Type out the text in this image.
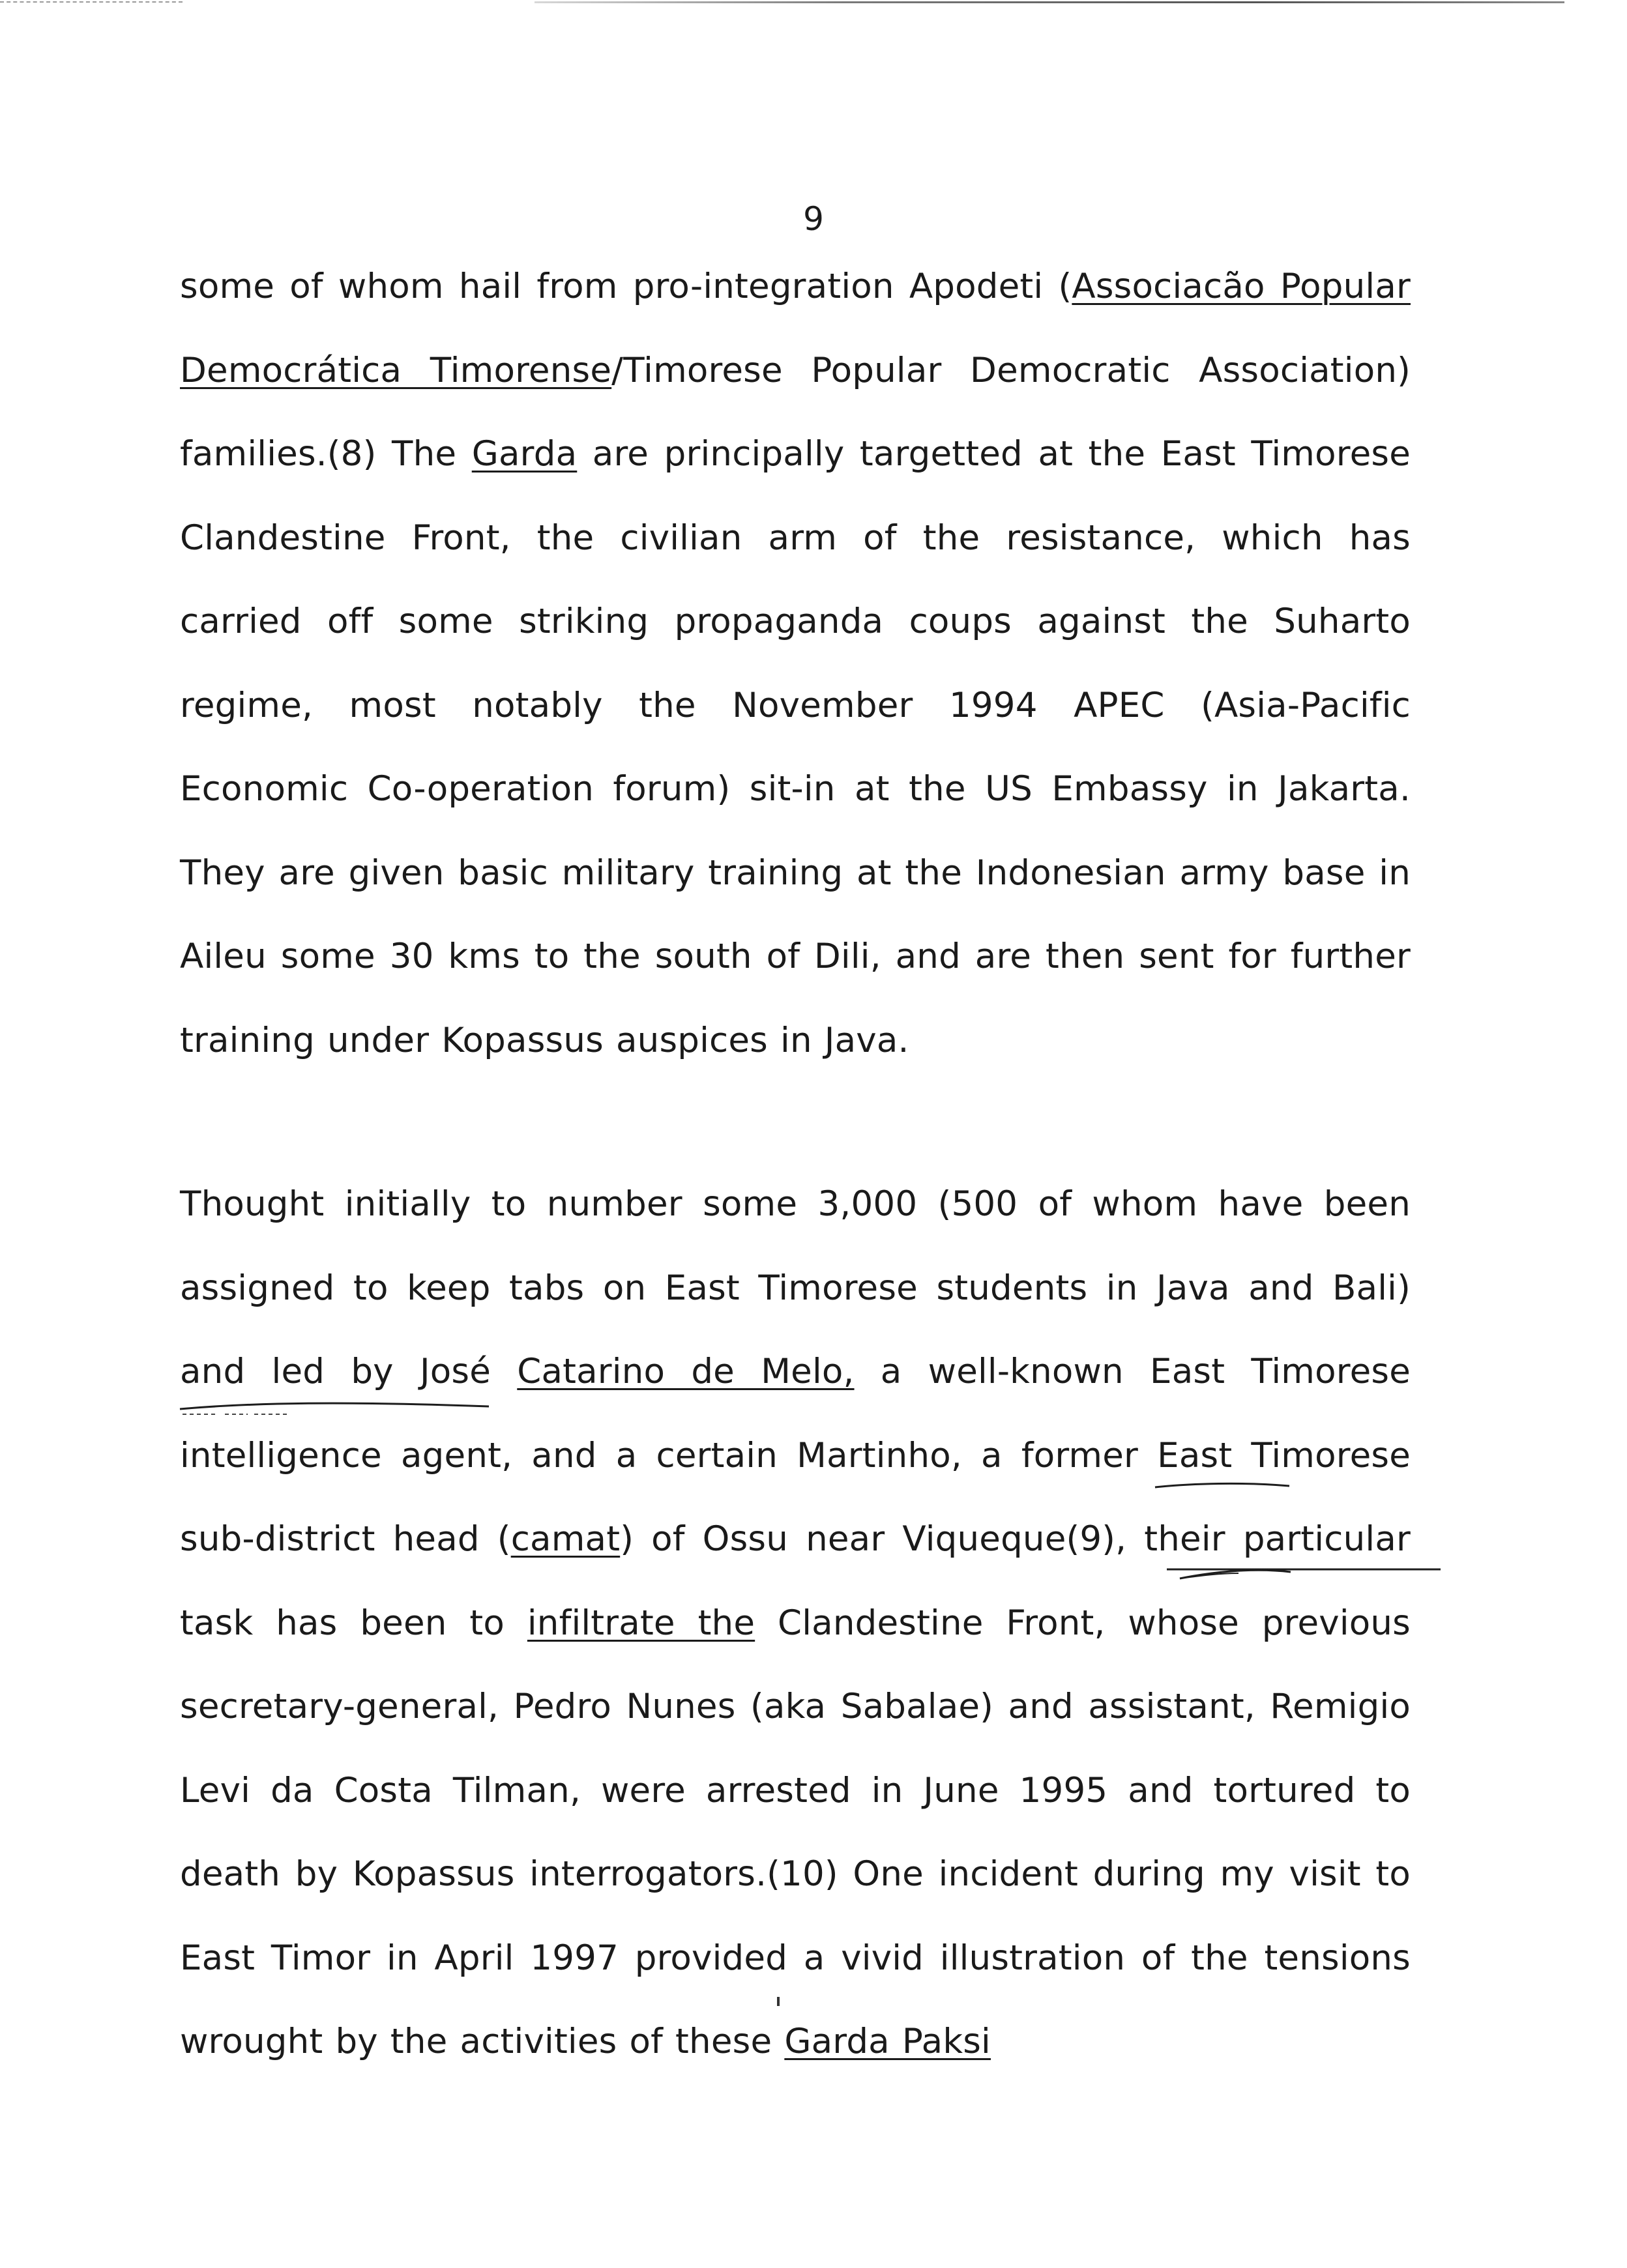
9

some of whom hail from pro-integration Apodeti (Associacão Popular Democrática Timorense/Timorese Popular Democratic Association) families.(8) The Garda are principally targetted at the East Timorese Clandestine Front, the civilian arm of the resistance, which has carried off some striking propaganda coups against the Suharto regime, most notably the November 1994 APEC (Asia-Pacific Economic Co-operation forum) sit-in at the US Embassy in Jakarta. They are given basic military training at the Indonesian army base in Aileu some 30 kms to the south of Dili, and are then sent for further training under Kopassus auspices in Java.

Thought initially to number some 3,000 (500 of whom have been assigned to keep tabs on East Timorese students in Java and Bali) and led by José Catarino de Melo, a well-known East Timorese intelligence agent, and a certain Martinho, a former East Timorese sub-district head (camat) of Ossu near Viqueque(9), their particular task has been to infiltrate the Clandestine Front, whose previous secretary-general, Pedro Nunes (aka Sabalae) and assistant, Remigio Levi da Costa Tilman, were arrested in June 1995 and tortured to death by Kopassus interrogators.(10) One incident during my visit to East Timor in April 1997 provided a vivid illustration of the tensions wrought by the activities of these Garda Paksi
